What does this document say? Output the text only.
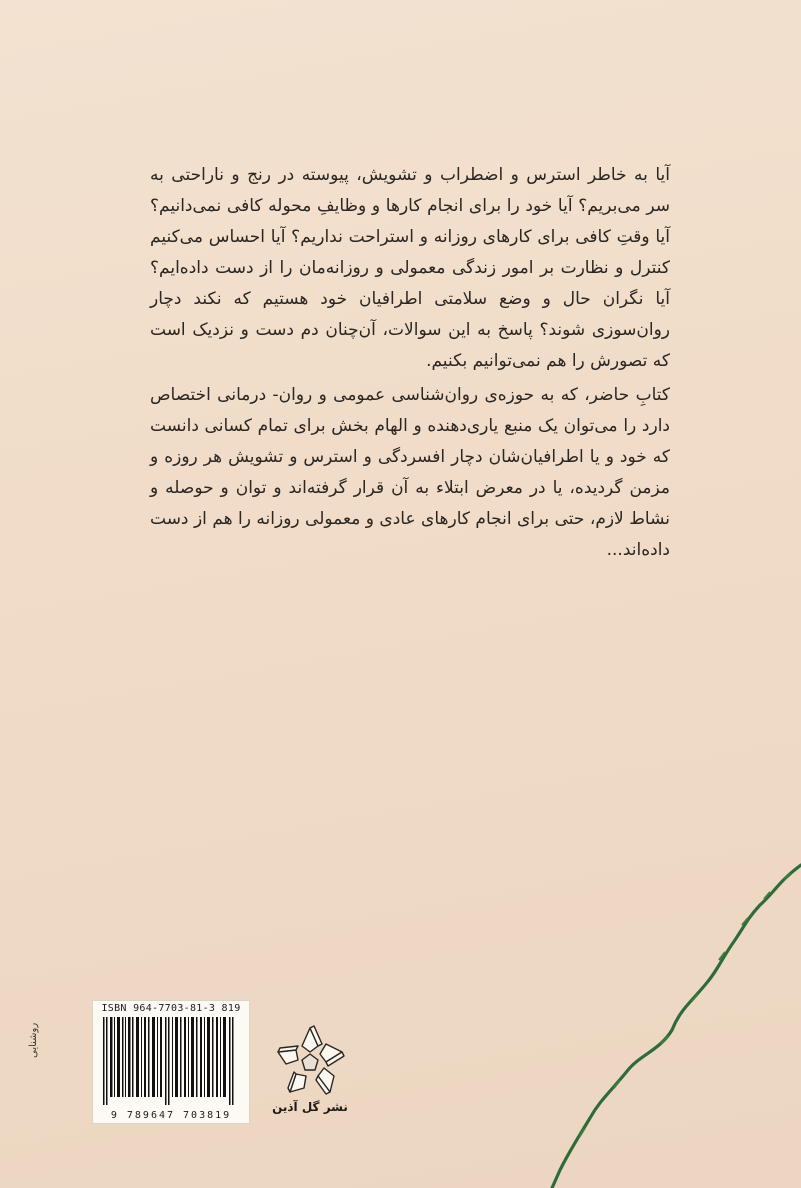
آیا به خاطر استرس و اضطراب و تشویش، پیوسته در رنج و ناراحتی به سر می‌بریم؟ آیا خود را برای انجام کارها و وظایفِ محوله کافی نمی‌دانیم؟ آیا وقتِ کافی برای کارهای روزانه و استراحت نداریم؟ آیا احساس می‌کنیم کنترل و نظارت بر امور زندگی معمولی و روزانه‌مان را از دست داده‌ایم؟ آیا نگران حال و وضع سلامتی اطرافیان خود هستیم که نکند دچار روان‌سوزی شوند؟ پاسخ به این سوالات، آن‌چنان دم دست و نزدیک است که تصورش را هم نمی‌توانیم بکنیم.

کتابِ حاضر، که به حوزه‌ی روان‌شناسی عمومی و روان- درمانی اختصاص دارد را می‌توان یک منبع یاری‌دهنده و الهام بخش برای تمام کسانی دانست که خود و یا اطرافیان‌شان دچار افسردگی و استرس و تشویش هر روزه و مزمن گردیده، یا در معرض ابتلاء به آن قرار گرفته‌اند و توان و حوصله و نشاط لازم، حتی برای انجام کارهای عادی و معمولی روزانه را هم از دست داده‌اند...

ISBN 964-7703-81-3 819
9 789647 703819
نشر گل آذین
روشنایی
